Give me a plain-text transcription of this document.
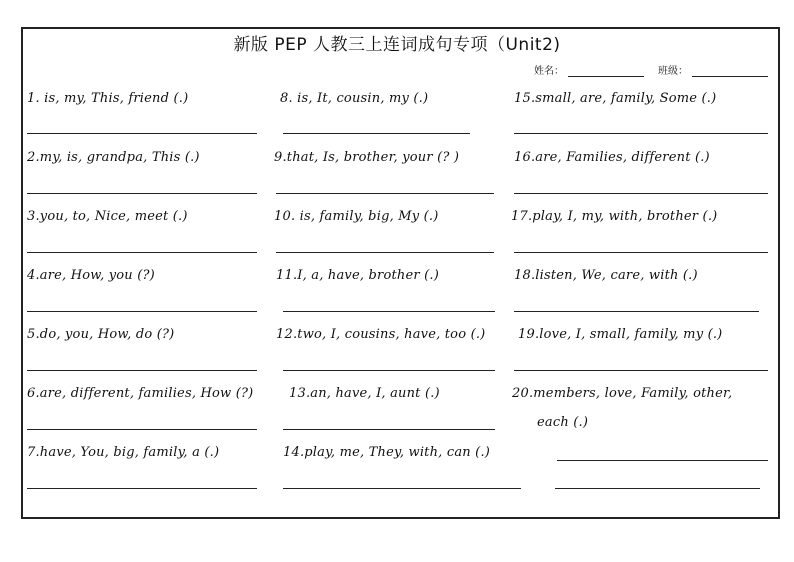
新版 PEP 人教三上连词成句专项（Unit2)
姓名：	班级：
1. is, my, This, friend (.)	8. is, It, cousin, my (.)	15.small, are, family, Some (.)
2.my, is, grandpa, This (.)	9.that, Is, brother, your (? )	16.are, Families, different (.)
3.you, to, Nice, meet (.)	10. is, family, big, My (.)	17.play, I, my, with, brother (.)
4.are, How, you (?)	11.I, a, have, brother (.)	18.listen, We, care, with (.)
5.do, you, How, do (?)	12.two, I, cousins, have, too (.)	19.love, I, small, family, my (.)
6.are, different, families, How (?)	13.an, have, I, aunt (.)	20.members, love, Family, other,
each (.)
7.have, You, big, family, a (.)	14.play, me, They, with, can (.)
